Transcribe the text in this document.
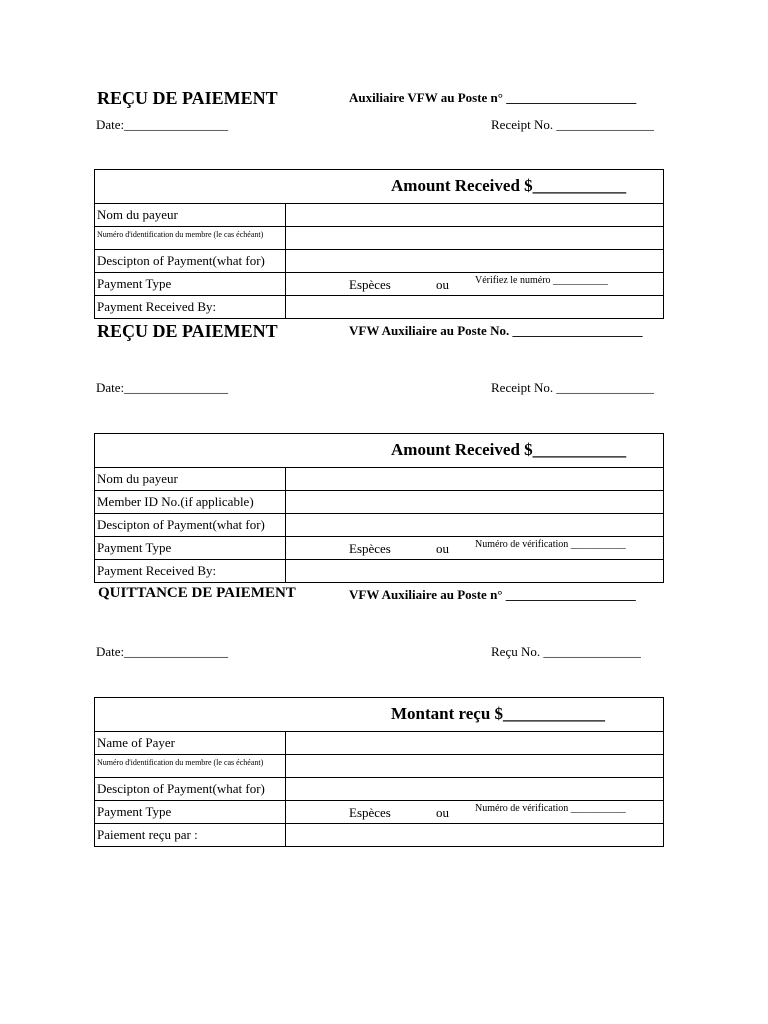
REÇU DE PAIEMENT	Auxiliaire VFW au Poste n° ____________________
Date:________________	Receipt No. _______________
Amount Received $___________
Nom du payeur
Numéro d'identification du membre (le cas échéant)
Descipton of Payment(what for)
Payment Type	Espèces	ou	Vérifiez le numéro ___________
Payment Received By:
REÇU DE PAIEMENT	VFW Auxiliaire au Poste No. ____________________
Date:________________	Receipt No. _______________
Amount Received $___________
Nom du payeur
Member ID No.(if applicable)
Descipton of Payment(what for)
Payment Type	Espèces	ou	Numéro de vérification ___________
Payment Received By:
QUITTANCE DE PAIEMENT	VFW Auxiliaire au Poste n° ____________________
Date:________________	Reçu No. _______________
Montant reçu $____________
Name of Payer
Numéro d'identification du membre (le cas échéant)
Descipton of Payment(what for)
Payment Type	Espèces	ou	Numéro de vérification ___________
Paiement reçu par :
